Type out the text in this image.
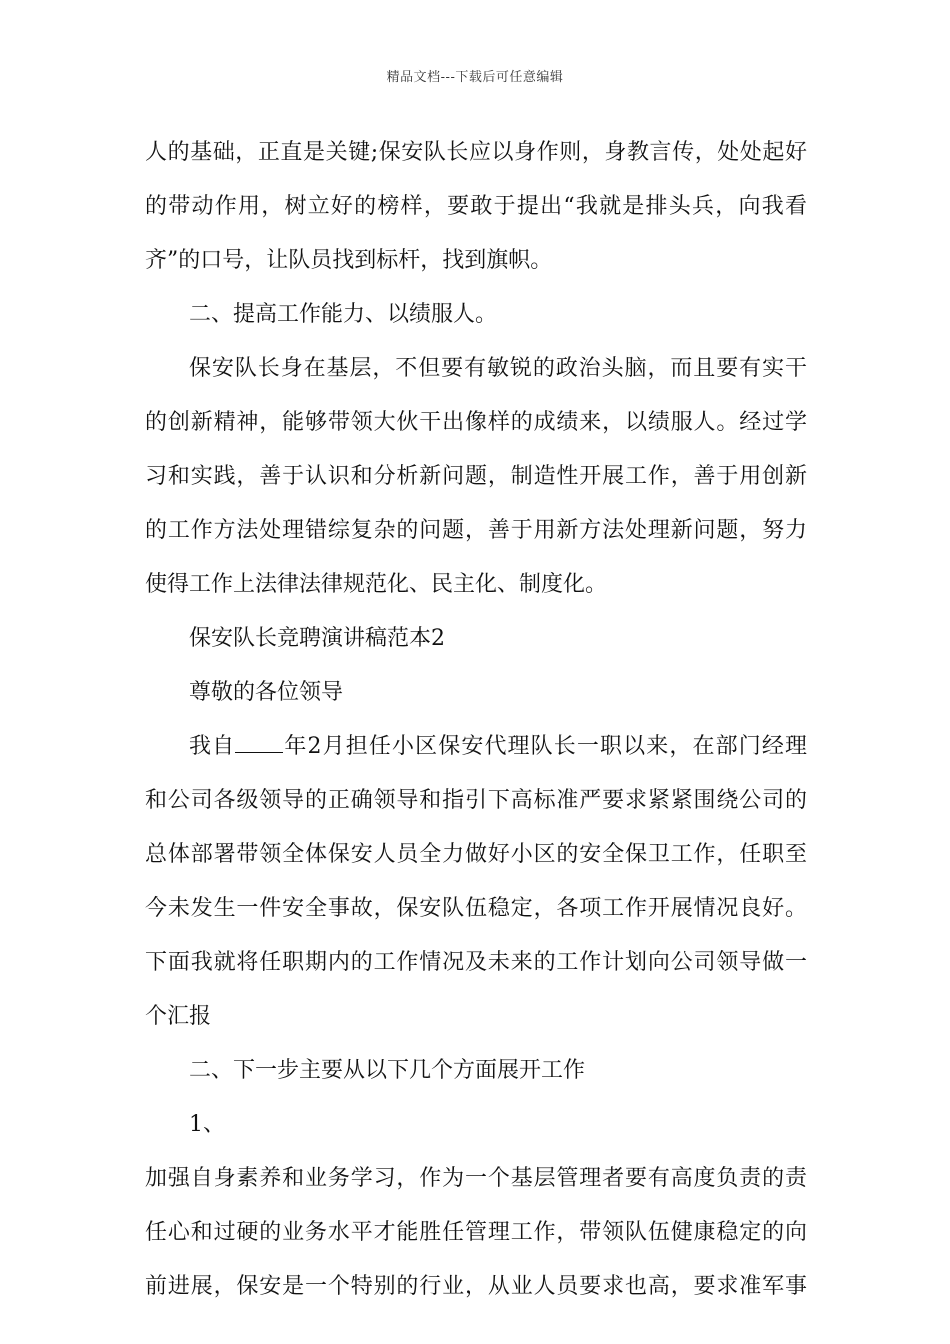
精品文档---下载后可任意编辑
人的基础，正直是关键;保安队长应以身作则，身教言传，处处起好
的带动作用，树立好的榜样，要敢于提出“我就是排头兵，向我看
齐”的口号，让队员找到标杆，找到旗帜。
二、提高工作能力、以绩服人。
保安队长身在基层，不但要有敏锐的政治头脑，而且要有实干
的创新精神，能够带领大伙干出像样的成绩来，以绩服人。经过学
习和实践，善于认识和分析新问题，制造性开展工作，善于用创新
的工作方法处理错综复杂的问题，善于用新方法处理新问题，努力
使得工作上法律法律规范化、民主化、制度化。
保安队长竞聘演讲稿范本2
尊敬的各位领导
我自 年2月担任小区保安代理队长一职以来，在部门经理
和公司各级领导的正确领导和指引下高标准严要求紧紧围绕公司的
总体部署带领全体保安人员全力做好小区的安全保卫工作，任职至
今未发生一件安全事故，保安队伍稳定，各项工作开展情况良好。
下面我就将任职期内的工作情况及未来的工作计划向公司领导做一
个汇报
二、下一步主要从以下几个方面展开工作
1、
加强自身素养和业务学习，作为一个基层管理者要有高度负责的责
任心和过硬的业务水平才能胜任管理工作，带领队伍健康稳定的向
前进展，保安是一个特别的行业，从业人员要求也高，要求准军事
